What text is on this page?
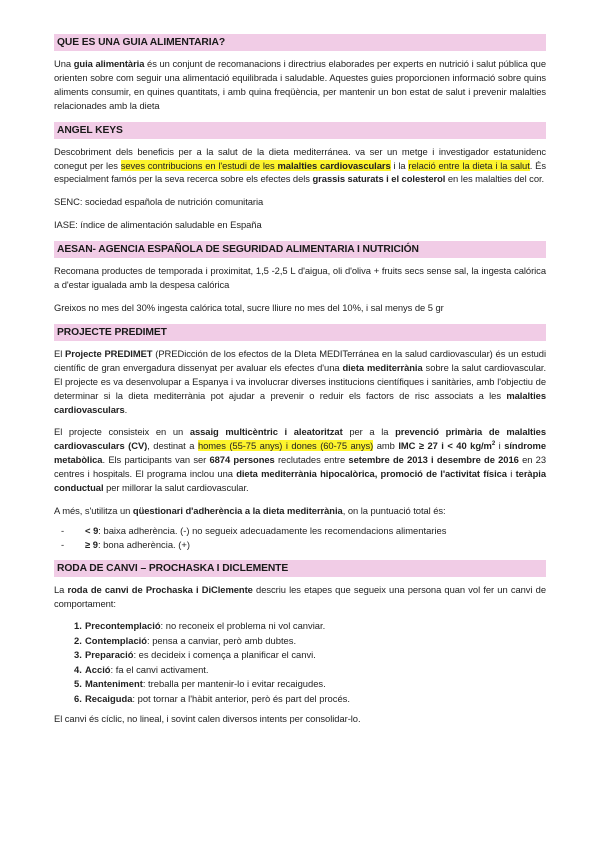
QUE ES UNA GUIA ALIMENTARIA?

Una guia alimentària és un conjunt de recomanacions i directrius elaborades per experts en nutrició i salut pública que orienten sobre com seguir una alimentació equilibrada i saludable. Aquestes guies proporcionen informació sobre quins aliments consumir, en quines quantitats, i amb quina freqüència, per mantenir un bon estat de salut i prevenir malalties relacionades amb la dieta

ANGEL KEYS

Descobriment dels beneficis per a la salut de la dieta mediterránea. va ser un metge i investigador estatunidenc conegut per les seves contribucions en l'estudi de les malalties cardiovasculars i la relació entre la dieta i la salut. És especialment famós per la seva recerca sobre els efectes dels grassis saturats i el colesterol en les malalties del cor.

SENC: sociedad española de nutrición comunitaria

IASE: índice de alimentación saludable en España

AESAN- AGENCIA ESPAÑOLA DE SEGURIDAD ALIMENTARIA I NUTRICIÓN

Recomana productes de temporada i proximitat, 1,5 -2,5 L d'aigua, oli d'oliva + fruits secs sense sal, la ingesta calórica a d'estar igualada amb la despesa calórica

Greixos no mes del 30% ingesta calórica total, sucre lliure no mes del 10%, i sal menys de 5 gr

PROJECTE PREDIMET

El Projecte PREDIMET (PREDicción de los efectos de la DIeta MEDITerránea en la salud cardiovascular) és un estudi científic de gran envergadura dissenyat per avaluar els efectes d'una dieta mediterrània sobre la salut cardiovascular. El projecte es va desenvolupar a Espanya i va involucrar diverses institucions científiques i sanitàries, amb l'objectiu de determinar si la dieta mediterrània pot ajudar a prevenir o reduir els factors de risc associats a les malalties cardiovasculars.

El projecte consisteix en un assaig multicèntric i aleatoritzat per a la prevenció primària de malalties cardiovasculars (CV), destinat a homes (55-75 anys) i dones (60-75 anys) amb IMC ≥ 27 i < 40 $kg/m^2$ i síndrome metabòlica. Els participants van ser 6874 persones reclutades entre setembre de 2013 i desembre de 2016 en 23 centres i hospitals. El programa inclou una dieta mediterrània hipocalòrica, promoció de l'activitat física i teràpia conductual per millorar la salut cardiovascular.

A més, s'utilitza un qüestionari d'adherència a la dieta mediterrània, on la puntuació total és:

- < 9: baixa adherència. (-) no segueix adecuadamente les recomendacions alimentaries
- ≥ 9: bona adherència. (+)
RODA DE CANVI – PROCHASKA I DICLEMENTE

La roda de canvi de Prochaska i DiClemente descriu les etapes que segueix una persona quan vol fer un canvi de comportament:

1. Precontemplació: no reconeix el problema ni vol canviar.
2. Contemplació: pensa a canviar, però amb dubtes.
3. Preparació: es decideix i comença a planificar el canvi.
4. Acció: fa el canvi activament.
5. Manteniment: treballa per mantenir-lo i evitar recaigudes.
6. Recaiguda: pot tornar a l'hàbit anterior, però és part del procés.

El canvi és cíclic, no lineal, i sovint calen diversos intents per consolidar-lo.
